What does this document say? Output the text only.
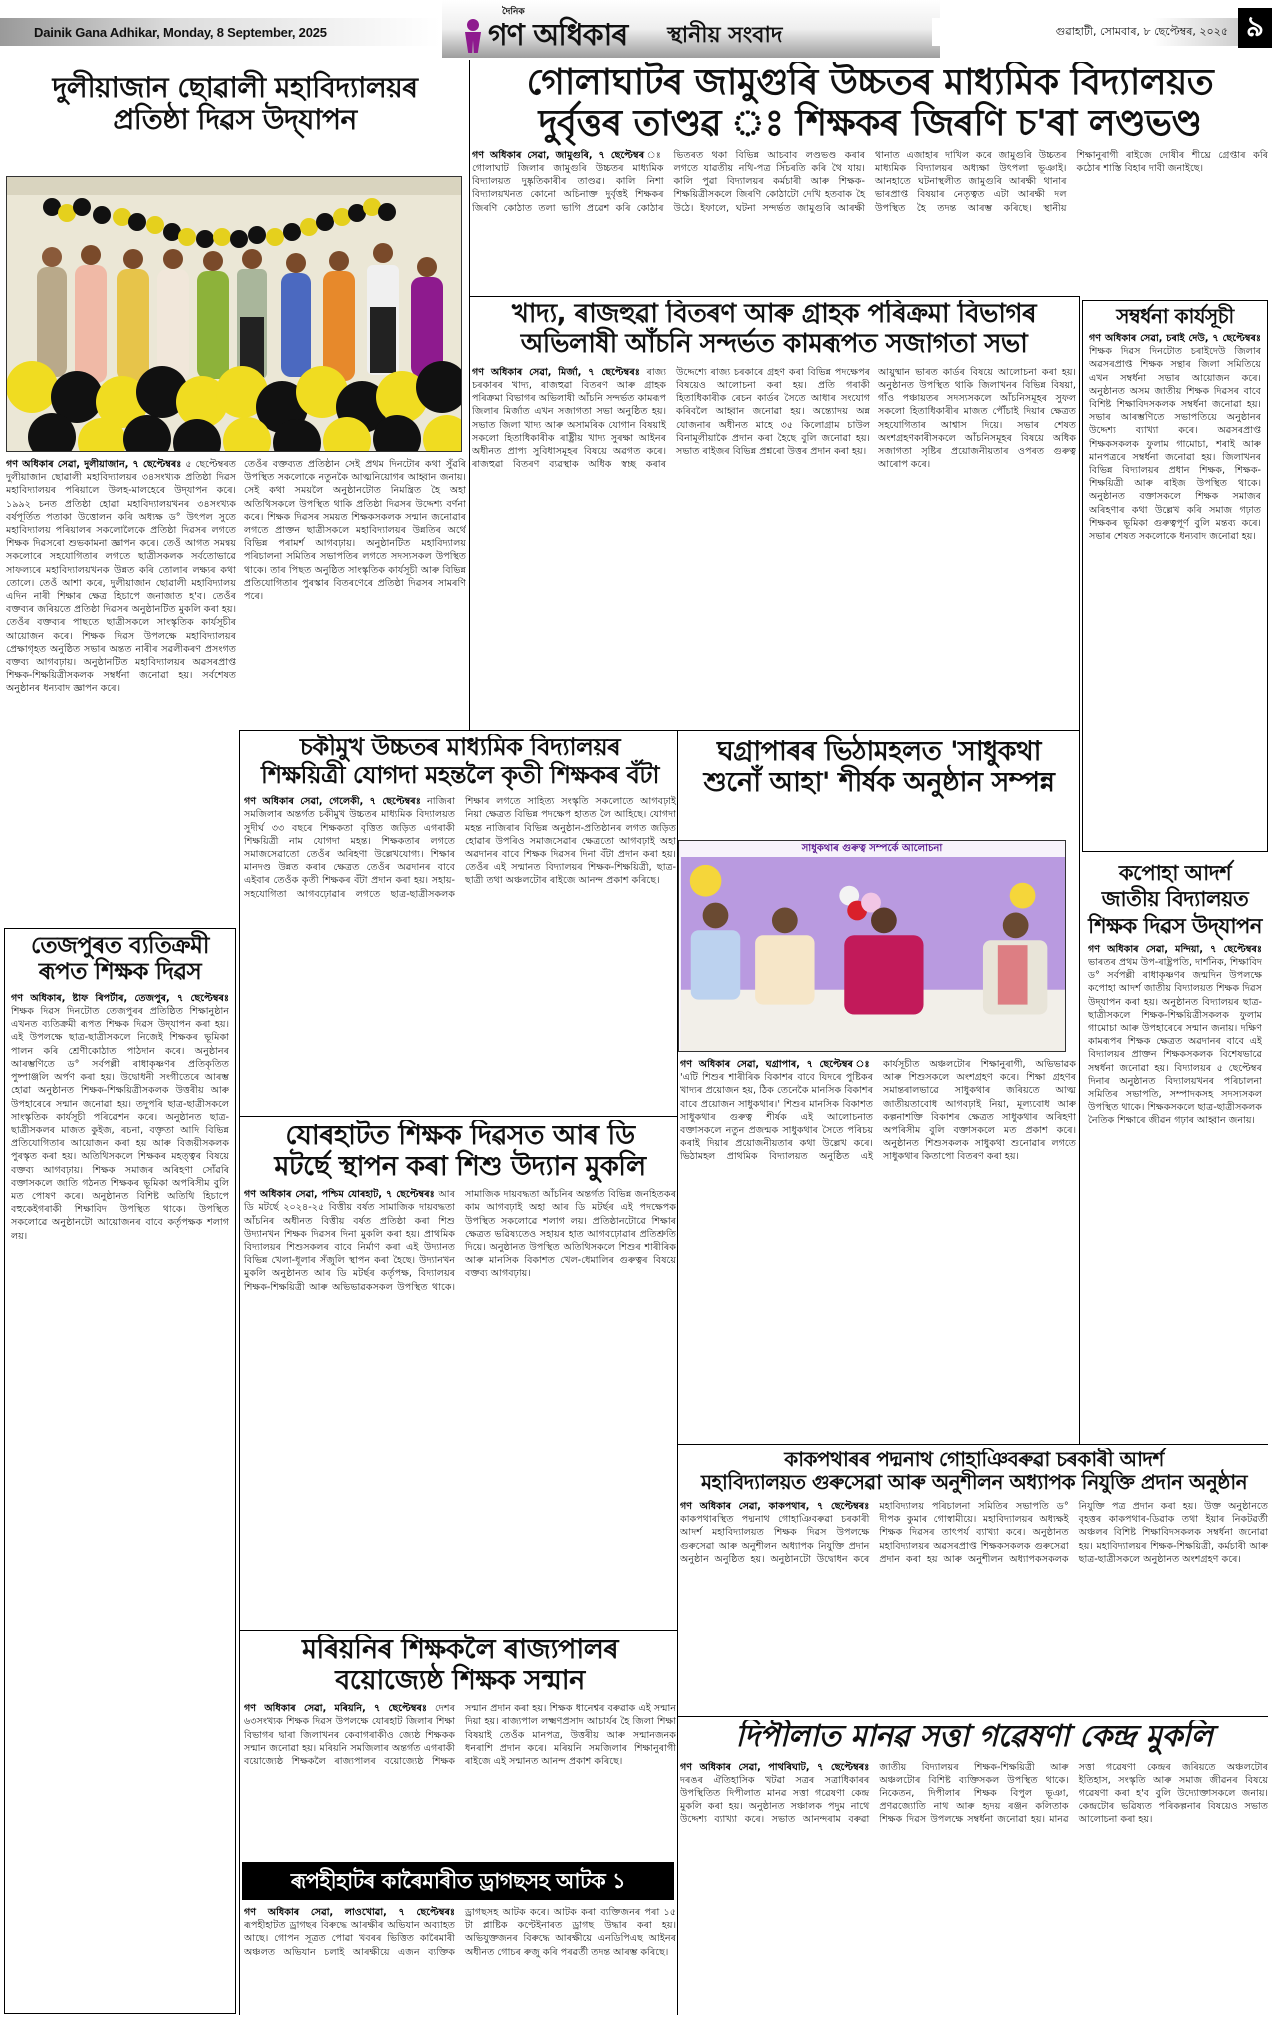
Dainik Gana Adhikar, Monday, 8 September, 2025
দৈনিক
গণ অধিকাৰ স্থানীয় সংবাদ	গুৱাহাটী, সোমবাৰ, ৮ ছেপ্টেম্বৰ, ২০২৫ ৯
দুলীয়াজান ছোৱালী মহাবিদ্যালয়ৰ
প্ৰতিষ্ঠা দিৱস উদ্‌যাপন
গণ অধিকাৰ সেৱা, দুলীয়াজান, ৭ ছেপ্টেম্বৰঃ ৫ ছেপ্টেম্বৰত দুলীয়াজান ছোৱালী মহাবিদ্যালয়ৰ ৩৪সংখ্যক প্ৰতিষ্ঠা দিৱস মহাবিদ্যালয়ৰ পৰিয়ালে উলহ-মালহেৰে উদ্‌যাপন কৰে। ১৯৯২ চনত প্ৰতিষ্ঠা হোৱা মহাবিদ্যালয়খনৰ ৩৪সংখ্যক বৰ্ষপূৰ্তিত পতাকা উত্তোলন কৰি অধ্যক্ষ ড° উৎপল সুতে মহাবিদ্যালয় পৰিয়ালৰ সকলোলৈকে প্ৰতিষ্ঠা দিৱসৰ লগতে শিক্ষক দিৱসৰো শুভকামনা জ্ঞাপন কৰে। তেওঁ আগত সমন্বয় সকলোৰে সহযোগিতাৰ লগতে ছাত্ৰীসকলক সৰ্বতোভাৱে সাফল্যৰে মহাবিদ্যালয়খনক উন্নত কৰি তোলাৰ লক্ষ্যৰ কথা তোলে। তেওঁ আশা কৰে, দুলীয়াজান ছোৱালী মহাবিদ্যালয় এদিন নাৰী শিক্ষাৰ ক্ষেত্ৰ হিচাপে জনাজাত হ'ব। তেওঁৰ বক্তব্যৰ জৰিয়তে প্ৰতিষ্ঠা দিৱসৰ অনুষ্ঠানটিত মুকলি কৰা হয়। তেওঁৰ বক্তব্যৰ পাছতে ছাত্ৰীসকলে সাংস্কৃতিক কাৰ্যসূচীৰ আয়োজন কৰে। শিক্ষক দিৱস উপলক্ষে মহাবিদ্যালয়ৰ প্ৰেক্ষাগৃহত অনুষ্ঠিত সভাৰ অন্তত নাৰীৰ সৱলীকৰণ প্ৰসংগত বক্তব্য আগবঢ়ায়। অনুষ্ঠানটিত মহাবিদ্যালয়ৰ অৱসৰপ্ৰাপ্ত শিক্ষক-শিক্ষয়িত্ৰীসকলক সম্বৰ্ধনা জনোৱা হয়। সৰ্বশেষত অনুষ্ঠানৰ ধন্যবাদ জ্ঞাপন কৰে।
তেওঁৰ বক্তব্যত প্ৰতিষ্ঠান সেই প্ৰথম দিনটোৰ কথা সুঁৱৰি উপস্থিত সকলোকে নতুনকৈ আত্মনিয়োগৰ আহ্বান জনায়। সেই কথা সময়লৈ অনুষ্ঠানটোত নিমন্ত্ৰিত হৈ অহা অতিথিসকলে উপস্থিত থাকি প্ৰতিষ্ঠা দিৱসৰ উদ্দেশ্য বৰ্ণনা কৰে। শিক্ষক দিৱসৰ সময়ত শিক্ষকসকলক সন্মান জনোৱাৰ লগতে প্ৰাক্তন ছাত্ৰীসকলে মহাবিদ্যালয়ৰ উন্নতিৰ অৰ্থে বিভিন্ন পৰামৰ্শ আগবঢ়ায়। অনুষ্ঠানটিত মহাবিদ্যালয় পৰিচালনা সমিতিৰ সভাপতিৰ লগতে সদস্যসকল উপস্থিত থাকে। তাৰ পিছত অনুষ্ঠিত সাংস্কৃতিক কাৰ্যসূচী আৰু বিভিন্ন প্ৰতিযোগিতাৰ পুৰস্কাৰ বিতৰণেৰে প্ৰতিষ্ঠা দিৱসৰ সামৰণি পৰে।
তেজপুৰত ব্যতিক্ৰমী ৰূপত শিক্ষক দিৱস
গণ অধিকাৰ, ষ্টাফ ৰিপৰ্টাৰ, তেজপুৰ, ৭ ছেপ্টেম্বৰঃ শিক্ষক দিৱস দিনটোত তেজপুৰৰ প্ৰতিষ্ঠিত শিক্ষানুষ্ঠান এখনত ব্যতিক্ৰমী ৰূপত শিক্ষক দিৱস উদ্‌যাপন কৰা হয়। এই উপলক্ষে ছাত্ৰ-ছাত্ৰীসকলে নিজেই শিক্ষকৰ ভূমিকা পালন কৰি শ্ৰেণীকোঠাত পাঠদান কৰে। অনুষ্ঠানৰ আৰম্ভণিতে ড° সৰ্বপল্লী ৰাধাকৃষ্ণণৰ প্ৰতিকৃতিত পুষ্পাঞ্জলি অৰ্পণ কৰা হয়। উদ্বোধনী সংগীতেৰে আৰম্ভ হোৱা অনুষ্ঠানত শিক্ষক-শিক্ষয়িত্ৰীসকলক উত্তৰীয় আৰু উপহাৰেৰে সন্মান জনোৱা হয়। তদুপৰি ছাত্ৰ-ছাত্ৰীসকলে সাংস্কৃতিক কাৰ্যসূচী পৰিৱেশন কৰে। অনুষ্ঠানত ছাত্ৰ-ছাত্ৰীসকলৰ মাজত কুইজ, ৰচনা, বক্তৃতা আদি বিভিন্ন প্ৰতিযোগিতাৰ আয়োজন কৰা হয় আৰু বিজয়ীসকলক পুৰস্কৃত কৰা হয়। অতিথিসকলে শিক্ষকৰ মহত্ত্বৰ বিষয়ে বক্তব্য আগবঢ়ায়। শিক্ষক সমাজৰ অৰিহণা সোঁৱৰি বক্তাসকলে জাতি গঠনত শিক্ষকৰ ভূমিকা অপৰিসীম বুলি মত পোষণ কৰে। অনুষ্ঠানত বিশিষ্ট অতিথি হিচাপে বহুকেইগৰাকী শিক্ষাবিদ উপস্থিত থাকে। উপস্থিত সকলোৱে অনুষ্ঠানটো আয়োজনৰ বাবে কৰ্তৃপক্ষক শলাগ লয়।
গোলাঘাটৰ জামুগুৰি উচ্চতৰ মাধ্যমিক বিদ্যালয়ত
দুৰ্বৃত্তৰ তাণ্ডৱ ঃ শিক্ষকৰ জিৰণি চ'ৰা লণ্ডভণ্ড
গণ অধিকাৰ সেৱা, জামুগুৰি, ৭ ছেপ্টেম্বৰ গোলাঘাট জিলাৰ জামুগুৰি উচ্চতৰ মাধ্যমিক বিদ্যালয়ত দুষ্কৃতিকাৰীৰ তাণ্ডৱ। কালি নিশা বিদ্যালয়খনত কোনো অচিনাক্ত দুৰ্বৃত্তই শিক্ষকৰ জিৰণি কোঠাত তলা ভাগি প্ৰৱেশ কৰি কোঠাৰ ভিতৰত থকা বিভিন্ন আচবাব লণ্ডভণ্ড কৰাৰ লগতে যাৱতীয় নথি-পত্ৰ সিঁচৰতি কৰি থৈ যায়। কালি পুৱা বিদ্যালয়ৰ কৰ্মচাৰী আৰু শিক্ষক-শিক্ষয়িত্ৰীসকলে জিৰণি কোঠাটো দেখি হতবাক হৈ উঠে। ইফালে, ঘটনা সন্দৰ্ভত জামুগুৰি আৰক্ষী থানাত এজাহাৰ দাখিল কৰে জামুগুৰি উচ্চতৰ মাধ্যমিক বিদ্যালয়ৰ অধ্যক্ষা উৎপলা ভূঞাই। আনহাতে ঘটনাস্থলীত জামুগুৰি আৰক্ষী থানাৰ ভাৰপ্ৰাপ্ত বিষয়াৰ নেতৃত্বত এটা আৰক্ষী দল উপস্থিত হৈ তদন্ত আৰম্ভ কৰিছে। স্থানীয় শিক্ষানুৰাগী ৰাইজে দোষীৰ শীঘ্ৰে গ্ৰেপ্তাৰ কৰি কঠোৰ শাস্তি বিহাৰ দাবী জনাইছে।
খাদ্য, ৰাজহুৱা বিতৰণ আৰু গ্ৰাহক পৰিক্ৰমা বিভাগৰ
অভিলাষী আঁচনি সন্দৰ্ভত কামৰূপত সজাগতা সভা
গণ অধিকাৰ সেৱা, মিৰ্জা, ৭ ছেপ্টেম্বৰঃ ৰাজ্য চৰকাৰৰ খাদ্য, ৰাজহুৱা বিতৰণ আৰু গ্ৰাহক পৰিক্ৰমা বিভাগৰ অভিলাষী আঁচনি সন্দৰ্ভত কামৰূপ জিলাৰ মিৰ্জাত এখন সজাগতা সভা অনুষ্ঠিত হয়। সভাত জিলা খাদ্য আৰু অসামৰিক যোগান বিষয়াই সকলো হিতাধিকাৰীক ৰাষ্ট্ৰীয় খাদ্য সুৰক্ষা আইনৰ অধীনত প্ৰাপ্য সুবিধাসমূহৰ বিষয়ে অৱগত কৰে। ৰাজহুৱা বিতৰণ ব্যৱস্থাক অধিক স্বচ্ছ কৰাৰ উদ্দেশ্যে ৰাজ্য চৰকাৰে গ্ৰহণ কৰা বিভিন্ন পদক্ষেপৰ বিষয়েও আলোচনা কৰা হয়। প্ৰতি গৰাকী হিতাধিকাৰীক ৰেচন কাৰ্ডৰ সৈতে আধাৰ সংযোগ কৰিবলৈ আহ্বান জনোৱা হয়। অন্ত্যোদয় অন্ন যোজনাৰ অধীনত মাহে ৩৫ কিলোগ্ৰাম চাউল বিনামূলীয়াকৈ প্ৰদান কৰা হৈছে বুলি জনোৱা হয়। সভাত ৰাইজৰ বিভিন্ন প্ৰশ্নৰো উত্তৰ প্ৰদান কৰা হয়।
আয়ুষ্মান ভাৰত কাৰ্ডৰ বিষয়ে আলোচনা কৰা হয়। অনুষ্ঠানত উপস্থিত থাকি জিলাখনৰ বিভিন্ন বিষয়া, গাঁও পঞ্চায়তৰ সদস্যসকলে আঁচনিসমূহৰ সুফল সকলো হিতাধিকাৰীৰ মাজত পৌঁচাই দিয়াৰ ক্ষেত্ৰত সহযোগিতাৰ আশ্বাস দিয়ে। সভাৰ শেষত অংশগ্ৰহণকাৰীসকলে আঁচনিসমূহৰ বিষয়ে অধিক সজাগতা সৃষ্টিৰ প্ৰয়োজনীয়তাৰ ওপৰত গুৰুত্ব আৰোপ কৰে।
সম্বৰ্ধনা কাৰ্যসূচী
গণ অধিকাৰ সেৱা, চৰাই দেউ, ৭ ছেপ্টেম্বৰঃ শিক্ষক দিৱস দিনটোত চৰাইদেউ জিলাৰ অৱসৰপ্ৰাপ্ত শিক্ষক সন্থাৰ জিলা সমিতিয়ে এখন সম্বৰ্ধনা সভাৰ আয়োজন কৰে। অনুষ্ঠানত অসম জাতীয় শিক্ষক দিৱসৰ বাবে বিশিষ্ট শিক্ষাবিদসকলক সম্বৰ্ধনা জনোৱা হয়। সভাৰ আৰম্ভণিতে সভাপতিয়ে অনুষ্ঠানৰ উদ্দেশ্য ব্যাখ্যা কৰে। অৱসৰপ্ৰাপ্ত শিক্ষকসকলক ফুলাম গামোচা, শৰাই আৰু মানপত্ৰৰে সম্বৰ্ধনা জনোৱা হয়। জিলাখনৰ বিভিন্ন বিদ্যালয়ৰ প্ৰধান শিক্ষক, শিক্ষক-শিক্ষয়িত্ৰী আৰু ৰাইজ উপস্থিত থাকে। অনুষ্ঠানত বক্তাসকলে শিক্ষক সমাজৰ অৰিহণাৰ কথা উল্লেখ কৰি সমাজ গঢ়াত শিক্ষকৰ ভূমিকা গুৰুত্বপূৰ্ণ বুলি মন্তব্য কৰে। সভাৰ শেষত সকলোকে ধন্যবাদ জনোৱা হয়।
কপোহা আদৰ্শ জাতীয় বিদ্যালয়ত শিক্ষক দিৱস উদ্‌যাপন
গণ অধিকাৰ সেৱা, মন্দিয়া, ৭ ছেপ্টেম্বৰঃ ভাৰতৰ প্ৰথম উপ-ৰাষ্ট্ৰপতি, দাৰ্শনিক, শিক্ষাবিদ ড° সৰ্বপল্লী ৰাধাকৃষ্ণণৰ জন্মদিন উপলক্ষে কপোহা আদৰ্শ জাতীয় বিদ্যালয়ত শিক্ষক দিৱস উদ্‌যাপন কৰা হয়। অনুষ্ঠানত বিদ্যালয়ৰ ছাত্ৰ-ছাত্ৰীসকলে শিক্ষক-শিক্ষয়িত্ৰীসকলক ফুলাম গামোচা আৰু উপহাৰেৰে সন্মান জনায়। দক্ষিণ কামৰূপৰ শিক্ষক ক্ষেত্ৰত অৱদানৰ বাবে এই বিদ্যালয়ৰ প্ৰাক্তন শিক্ষকসকলক বিশেষভাৱে সম্বৰ্ধনা জনোৱা হয়। বিদ্যালয়ৰ ৫ ছেপ্টেম্বৰ দিনাৰ অনুষ্ঠানত বিদ্যালয়খনৰ পৰিচালনা সমিতিৰ সভাপতি, সম্পাদকসহ সদস্যসকল উপস্থিত থাকে। শিক্ষকসকলে ছাত্ৰ-ছাত্ৰীসকলক নৈতিক শিক্ষাৰে জীৱন গঢ়াৰ আহ্বান জনায়।
চকীমুখ উচ্চতৰ মাধ্যমিক বিদ্যালয়ৰ
শিক্ষয়িত্ৰী যোগদা মহন্তলৈ কৃতী শিক্ষকৰ বঁটা
গণ অধিকাৰ সেৱা, গেলেকী, ৭ ছেপ্টেম্বৰঃ নাজিৰা সমজিলাৰ অন্তৰ্গত চকীমুখ উচ্চতৰ মাধ্যমিক বিদ্যালয়ত সুদীৰ্ঘ ৩৩ বছৰে শিক্ষকতা বৃত্তিত জড়িত এগৰাকী শিক্ষয়িত্ৰী নাম যোগদা মহন্ত। শিক্ষকতাৰ লগতে সমাজসেৱাতো তেওঁৰ অৰিহণা উল্লেখযোগ্য। শিক্ষাৰ মানদণ্ড উন্নত কৰাৰ ক্ষেত্ৰত তেওঁৰ অৱদানৰ বাবে এইবাৰ তেওঁক কৃতী শিক্ষকৰ বঁটা প্ৰদান কৰা হয়। সহায়-সহযোগিতা আগবঢ়োৱাৰ লগতে ছাত্ৰ-ছাত্ৰীসকলক শিক্ষাৰ লগতে সাহিত্য সংস্কৃতি সকলোতে আগবঢ়াই নিয়া ক্ষেত্ৰত বিভিন্ন পদক্ষেপ হাতত লৈ আহিছে। যোগদা মহন্ত নাজিৰাৰ বিভিন্ন অনুষ্ঠান-প্ৰতিষ্ঠানৰ লগত জড়িত হোৱাৰ উপৰিও সমাজসেৱাৰ ক্ষেত্ৰতো আগবঢ়াই অহা অৱদানৰ বাবে শিক্ষক দিৱসৰ দিনা বঁটা প্ৰদান কৰা হয়। তেওঁৰ এই সন্মানত বিদ্যালয়ৰ শিক্ষক-শিক্ষয়িত্ৰী, ছাত্ৰ-ছাত্ৰী তথা অঞ্চলটোৰ ৰাইজে আনন্দ প্ৰকাশ কৰিছে।
ঘগ্ৰাপাৰৰ ভিঠামহলত 'সাধুকথা
শুনোঁ আহা' শীৰ্ষক অনুষ্ঠান সম্পন্ন
সাধুকথাৰ গুৰুত্ব সম্পৰ্কে আলোচনা
গণ অধিকাৰ সেৱা, ঘগ্ৰাপাৰ, ৭ ছেপ্টেম্বৰ ঃ 'এটি শিশুৰ শাৰীৰিক বিকাশৰ বাবে যিদৰে পুষ্টিকৰ খাদ্যৰ প্ৰয়োজন হয়, ঠিক তেনেকৈ মানসিক বিকাশৰ বাবে প্ৰয়োজন সাধুকথাৰ।' শিশুৰ মানসিক বিকাশত সাধুকথাৰ গুৰুত্ব শীৰ্ষক এই আলোচনাত বক্তাসকলে নতুন প্ৰজন্মক সাধুকথাৰ সৈতে পৰিচয় কৰাই দিয়াৰ প্ৰয়োজনীয়তাৰ কথা উল্লেখ কৰে। ভিঠামহল প্ৰাথমিক বিদ্যালয়ত অনুষ্ঠিত এই কাৰ্যসূচীত অঞ্চলটোৰ শিক্ষানুৰাগী, অভিভাৱক আৰু শিশুসকলে অংশগ্ৰহণ কৰে। শিক্ষা গ্ৰহণৰ সমান্তৰালভাৱে সাধুকথাৰ জৰিয়তে আত্ম জাতীয়তাবোধ আগবঢ়াই নিয়া, মূল্যবোধ আৰু কল্পনাশক্তি বিকাশৰ ক্ষেত্ৰত সাধুকথাৰ অৰিহণা অপৰিসীম বুলি বক্তাসকলে মত প্ৰকাশ কৰে। অনুষ্ঠানত শিশুসকলক সাধুকথা শুনোৱাৰ লগতে সাধুকথাৰ কিতাপো বিতৰণ কৰা হয়।
যোৰহাটত শিক্ষক দিৱসত আৰ ডি
মটৰ্ছে স্থাপন কৰা শিশু উদ্যান মুকলি
গণ অধিকাৰ সেৱা, পশ্চিম যোৰহাট, ৭ ছেপ্টেম্বৰঃ আৰ ডি মটৰ্ছে ২০২৪-২৫ বিত্তীয় বৰ্ষত সামাজিক দায়বদ্ধতা আঁচনিৰ অধীনত বিত্তীয় বৰ্ষত প্ৰতিষ্ঠা কৰা শিশু উদ্যানখন শিক্ষক দিৱসৰ দিনা মুকলি কৰা হয়। প্ৰাথমিক বিদ্যালয়ৰ শিশুসকলৰ বাবে নিৰ্মাণ কৰা এই উদ্যানত বিভিন্ন খেলা-ধূলাৰ সঁজুলি স্থাপন কৰা হৈছে। উদ্যানখন মুকলি অনুষ্ঠানত আৰ ডি মটৰ্ছৰ কৰ্তৃপক্ষ, বিদ্যালয়ৰ শিক্ষক-শিক্ষয়িত্ৰী আৰু অভিভাৱকসকল উপস্থিত থাকে। সামাজিক দায়বদ্ধতা আঁচনিৰ অন্তৰ্গত বিভিন্ন জনহিতকৰ কাম আগবঢ়াই অহা আৰ ডি মটৰ্ছৰ এই পদক্ষেপক উপস্থিত সকলোৱে শলাগ লয়। প্ৰতিষ্ঠানটোৱে শিক্ষাৰ ক্ষেত্ৰত ভৱিষ্যতেও সহায়ৰ হাত আগবঢ়োৱাৰ প্ৰতিশ্ৰুতি দিয়ে। অনুষ্ঠানত উপস্থিত অতিথিসকলে শিশুৰ শাৰীৰিক আৰু মানসিক বিকাশত খেল-ধেমালিৰ গুৰুত্বৰ বিষয়ে বক্তব্য আগবঢ়ায়।
কাকপথাৰৰ পদ্মনাথ গোহাঞিবৰুৱা চৰকাৰী আদৰ্শ
মহাবিদ্যালয়ত গুৰুসেৱা আৰু অনুশীলন অধ্যাপক নিযুক্তি প্ৰদান অনুষ্ঠান
গণ অধিকাৰ সেৱা, কাকপথাৰ, ৭ ছেপ্টেম্বৰঃ কাকপথাৰস্থিত পদ্মনাথ গোহাঞিবৰুৱা চৰকাৰী আদৰ্শ মহাবিদ্যালয়ত শিক্ষক দিৱস উপলক্ষে গুৰুসেৱা আৰু অনুশীলন অধ্যাপক নিযুক্তি প্ৰদান অনুষ্ঠান অনুষ্ঠিত হয়। অনুষ্ঠানটো উদ্বোধন কৰে মহাবিদ্যালয় পৰিচালনা সমিতিৰ সভাপতি ড° দীপক কুমাৰ গোস্বামীয়ে। মহাবিদ্যালয়ৰ অধ্যক্ষই শিক্ষক দিৱসৰ তাৎপৰ্য ব্যাখ্যা কৰে। অনুষ্ঠানত মহাবিদ্যালয়ৰ অৱসৰপ্ৰাপ্ত শিক্ষকসকলক গুৰুসেৱা প্ৰদান কৰা হয় আৰু অনুশীলন অধ্যাপকসকলক নিযুক্তি পত্ৰ প্ৰদান কৰা হয়। উক্ত অনুষ্ঠানতে বৃহত্তৰ কাকপথাৰ-ডিৱাক তথা ইয়াৰ নিকটৱৰ্তী অঞ্চলৰ বিশিষ্ট শিক্ষাবিদসকলক সম্বৰ্ধনা জনোৱা হয়। মহাবিদ্যালয়ৰ শিক্ষক-শিক্ষয়িত্ৰী, কৰ্মচাৰী আৰু ছাত্ৰ-ছাত্ৰীসকলে অনুষ্ঠানত অংশগ্ৰহণ কৰে।
মৰিয়নিৰ শিক্ষকলৈ ৰাজ্যপালৰ
বয়োজ্যেষ্ঠ শিক্ষক সন্মান
গণ অধিকাৰ সেৱা, মৰিয়নি, ৭ ছেপ্টেম্বৰঃ দেশৰ ৬৩সংখ্যক শিক্ষক দিৱস উপলক্ষে যোৰহাট জিলাৰ শিক্ষা বিভাগৰ দ্বাৰা জিলাখনৰ কেবাগৰাকীও জ্যেষ্ঠ শিক্ষকক সন্মান জনোৱা হয়। মৰিয়নি সমজিলাৰ অন্তৰ্গত এগৰাকী বয়োজ্যেষ্ঠ শিক্ষকলৈ ৰাজ্যপালৰ বয়োজ্যেষ্ঠ শিক্ষক সন্মান প্ৰদান কৰা হয়। শিক্ষক ধানেশ্বৰ বৰুৱাক এই সন্মান দিয়া হয়। ৰাজ্যপাল লক্ষ্মণপ্ৰসাদ আচাৰ্যৰ হৈ জিলা শিক্ষা বিষয়াই তেওঁক মানপত্ৰ, উত্তৰীয় আৰু সন্মানজনক ধনৰাশি প্ৰদান কৰে। মৰিয়নি সমজিলাৰ শিক্ষানুৰাগী ৰাইজে এই সন্মানত আনন্দ প্ৰকাশ কৰিছে।
ৰূপহীহাটৰ কাৰৈমাৰীত ড্ৰাগছসহ আটক ১
গণ অধিকাৰ সেৱা, লাওখোৱা, ৭ ছেপ্টেম্বৰঃ ৰূপহীহাটত ড্ৰাগছৰ বিৰুদ্ধে আৰক্ষীৰ অভিযান অব্যাহত আছে। গোপন সূত্ৰত পোৱা খবৰৰ ভিত্তিত কাৰৈমাৰী অঞ্চলত অভিযান চলাই আৰক্ষীয়ে এজন ব্যক্তিক ড্ৰাগছসহ আটক কৰে। আটক কৰা ব্যক্তিজনৰ পৰা ১৫ টা প্লাষ্টিক কণ্টেইনাৰত ড্ৰাগছ উদ্ধাৰ কৰা হয়। অভিযুক্তজনৰ বিৰুদ্ধে আৰক্ষীয়ে এনডিপিএছ আইনৰ অধীনত গোচৰ ৰুজু কৰি পৰৱৰ্তী তদন্ত আৰম্ভ কৰিছে।
দিপীলাত মানৱ সত্তা গৱেষণা কেন্দ্ৰ মুকলি
গণ অধিকাৰ সেৱা, পাথৰিঘাট, ৭ ছেপ্টেম্বৰঃ দৰঙৰ ঐতিহাসিক খটৱা সত্ৰৰ সত্ৰাধিকাৰৰ উপস্থিতিত দিপীলাত মানৱ সত্তা গৱেষণা কেন্দ্ৰ মুকলি কৰা হয়। অনুষ্ঠানত সঞ্চালক পদুম নাথে উদ্দেশ্য ব্যাখ্যা কৰে। সভাত আনন্দৰাম বৰুৱা জাতীয় বিদ্যালয়ৰ শিক্ষক-শিক্ষয়িত্ৰী আৰু অঞ্চলটোৰ বিশিষ্ট ব্যক্তিসকল উপস্থিত থাকে। নিকেতন, দিপীলাৰ শিক্ষক বিপুল ভূঞা, প্ৰণৱজ্যোতি নাথ আৰু হৃদয় ৰঞ্জন কলিতাক শিক্ষক দিৱস উপলক্ষে সম্বৰ্ধনা জনোৱা হয়। মানৱ সত্তা গৱেষণা কেন্দ্ৰৰ জৰিয়তে অঞ্চলটোৰ ইতিহাস, সংস্কৃতি আৰু সমাজ জীৱনৰ বিষয়ে গৱেষণা কৰা হ'ব বুলি উদ্যোক্তাসকলে জনায়। কেন্দ্ৰটোৰ ভৱিষ্যত পৰিকল্পনাৰ বিষয়েও সভাত আলোচনা কৰা হয়।
